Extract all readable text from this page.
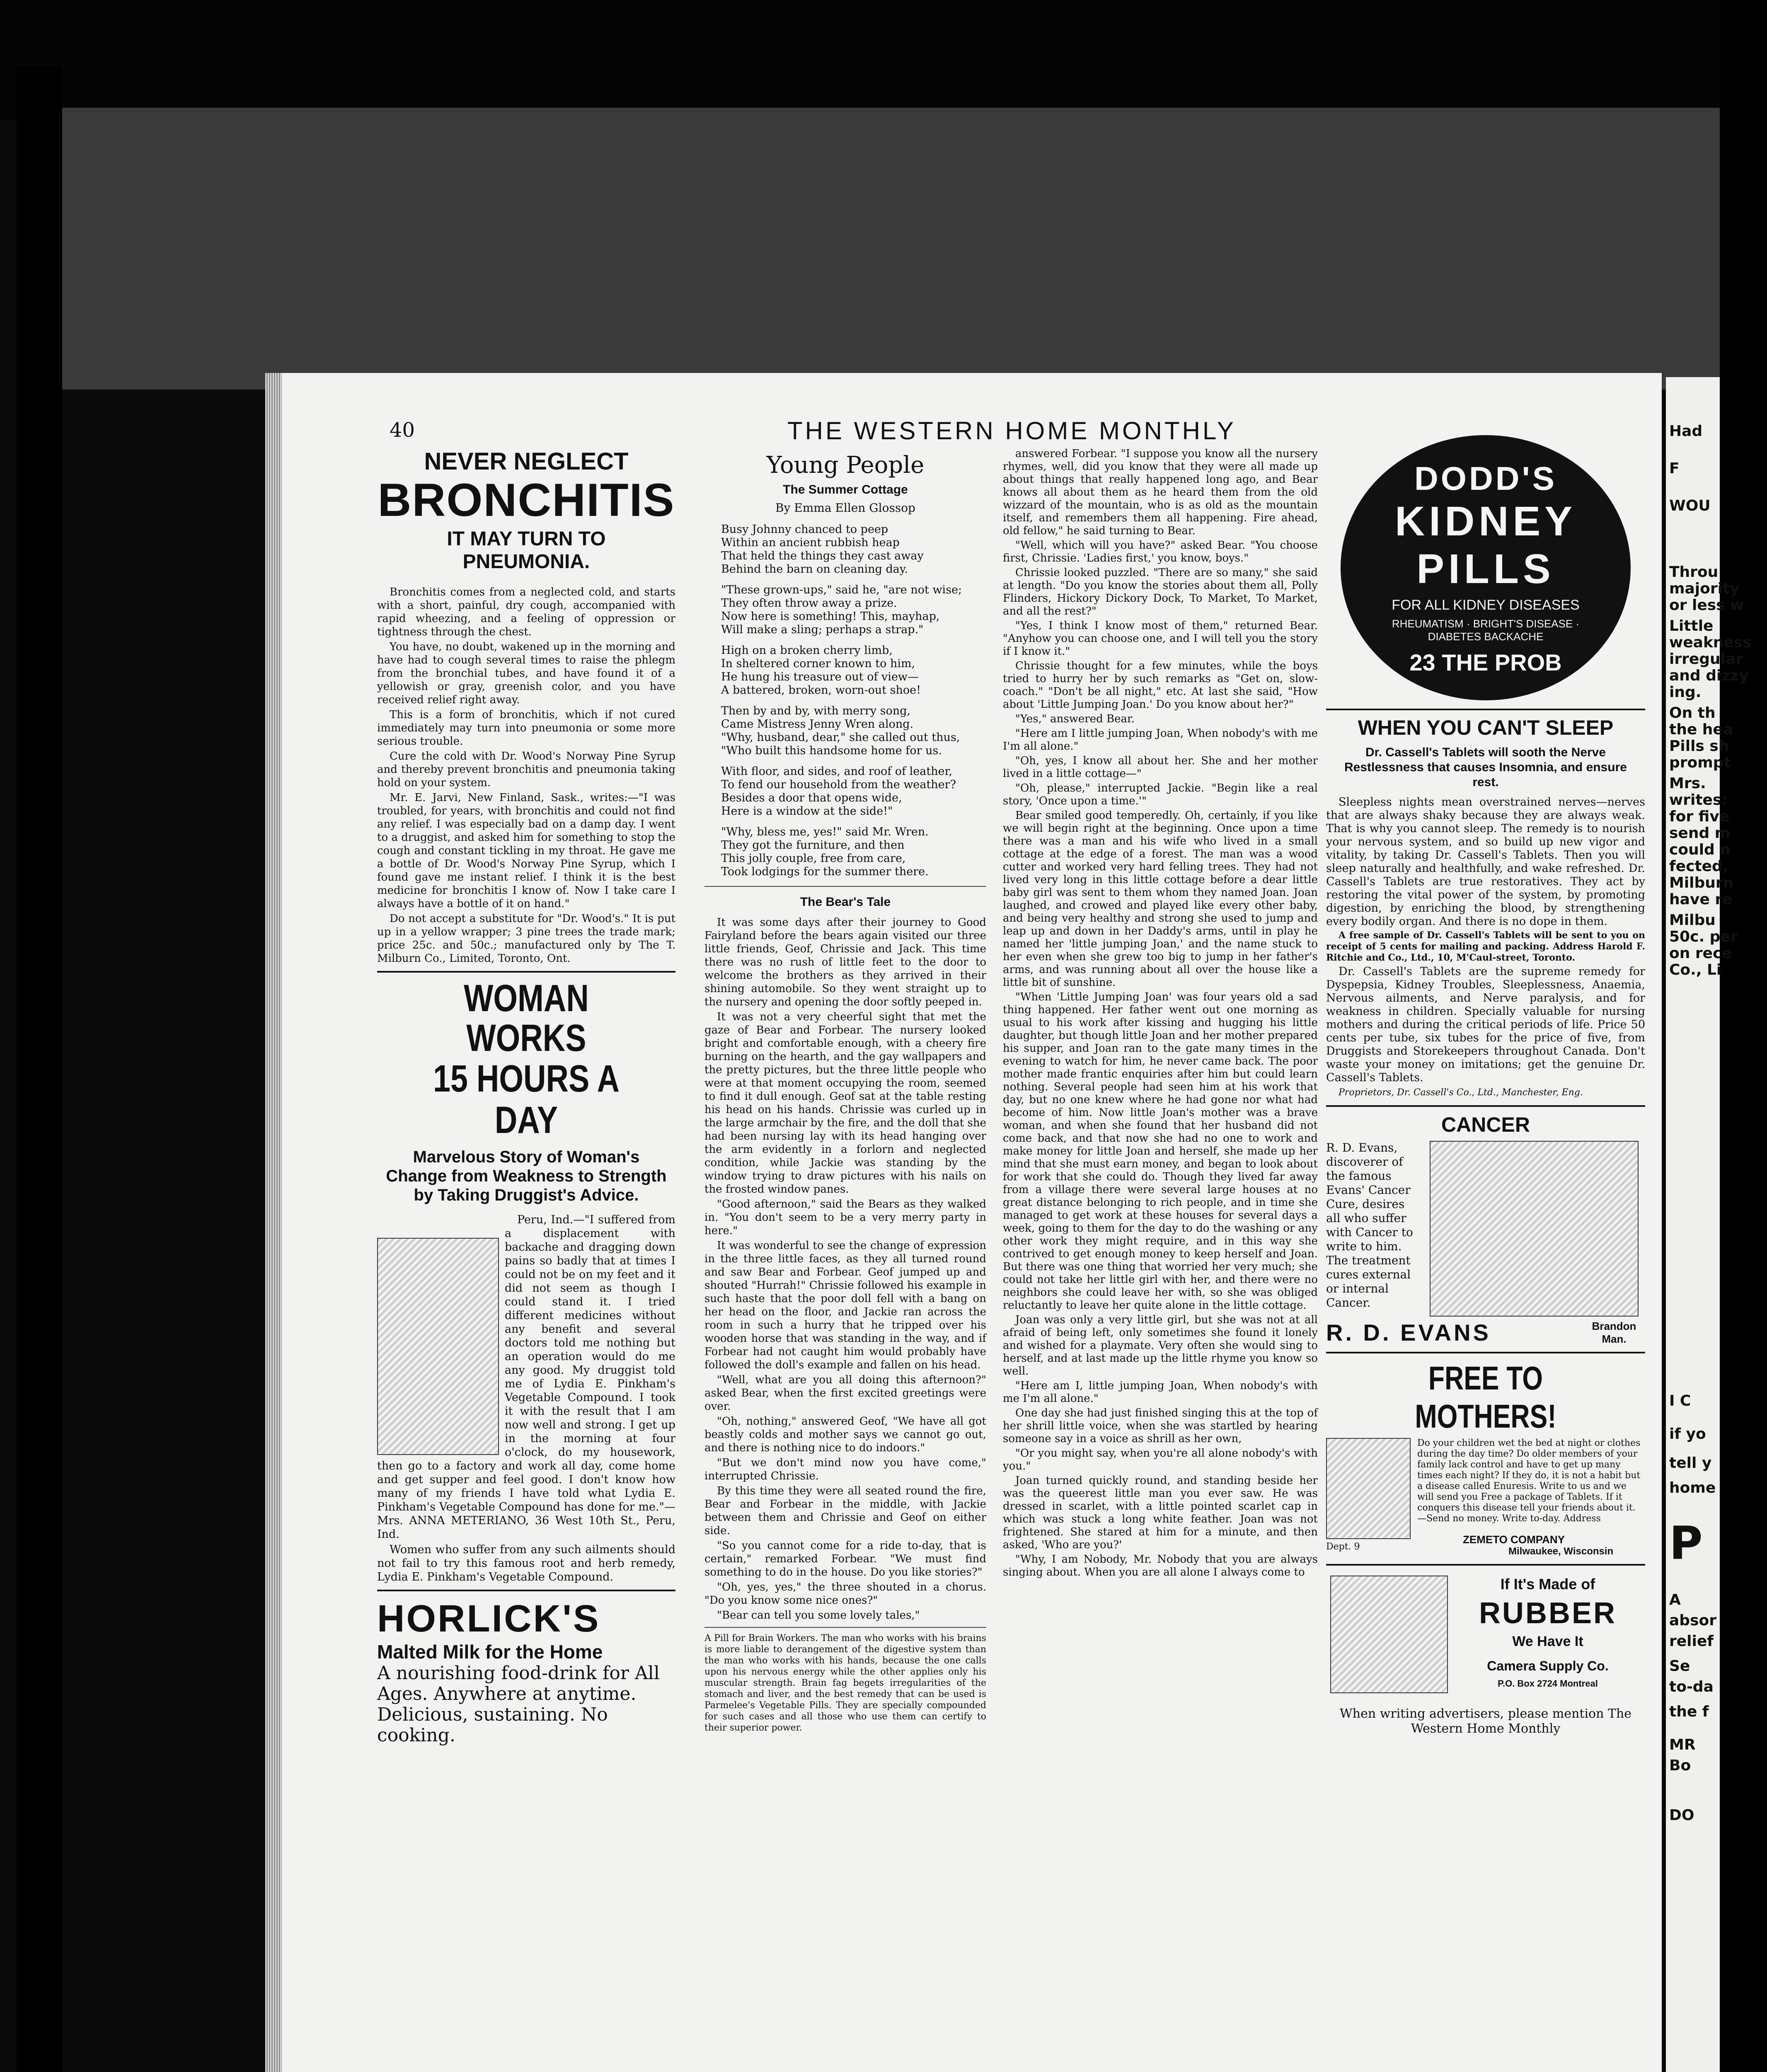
Had
F
WOU
Throu
majority
or less w
Little
weakness
irregular
and dizzy
ing.
On th
the hea
Pills sh
prompt
Mrs.
writes:
for five
send m
could n
fected,
Milburn
have re
Milbu
50c. per
on rece
Co., Li
I C
if yo
tell y
home
P
A
absor
relief
Se
to-da
the f
MR
Bo
DO
40	THE WESTERN HOME MONTHLY
NEVER NEGLECT
BRONCHITIS
IT MAY TURN TO PNEUMONIA.

Bronchitis comes from a neglected cold, and starts with a short, painful, dry cough, accompanied with rapid wheezing, and a feeling of oppression or tightness through the chest.

You have, no doubt, wakened up in the morning and have had to cough several times to raise the phlegm from the bronchial tubes, and have found it of a yellowish or gray, greenish color, and you have received relief right away.

This is a form of bronchitis, which if not cured immediately may turn into pneumonia or some more serious trouble.

Cure the cold with Dr. Wood's Norway Pine Syrup and thereby prevent bronchitis and pneumonia taking hold on your system.

Mr. E. Jarvi, New Finland, Sask., writes:—"I was troubled, for years, with bronchitis and could not find any relief. I was especially bad on a damp day. I went to a druggist, and asked him for something to stop the cough and constant tickling in my throat. He gave me a bottle of Dr. Wood's Norway Pine Syrup, which I found gave me instant relief. I think it is the best medicine for bronchitis I know of. Now I take care I always have a bottle of it on hand."

Do not accept a substitute for "Dr. Wood's." It is put up in a yellow wrapper; 3 pine trees the trade mark; price 25c. and 50c.; manufactured only by The T. Milburn Co., Limited, Toronto, Ont.

WOMAN WORKS
15 HOURS A DAY
Marvelous Story of Woman's Change from Weakness to Strength by Taking Druggist's Advice.

Peru, Ind.—"I suffered from a displacement with backache and dragging down pains so badly that at times I could not be on my feet and it did not seem as though I could stand it. I tried different medicines without any benefit and several doctors told me nothing but an operation would do me any good. My druggist told me of Lydia E. Pinkham's Vegetable Compound. I took it with the result that I am now well and strong. I get up in the morning at four o'clock, do my housework, then go to a factory and work all day, come home and get supper and feel good. I don't know how many of my friends I have told what Lydia E. Pinkham's Vegetable Compound has done for me."—Mrs. ANNA METERIANO, 36 West 10th St., Peru, Ind.

Women who suffer from any such ailments should not fail to try this famous root and herb remedy, Lydia E. Pinkham's Vegetable Compound.

HORLICK'S
Malted Milk for the Home
A nourishing food-drink for All Ages. Anywhere at anytime. Delicious, sustaining. No cooking.
Young People
The Summer Cottage
By Emma Ellen Glossop
Busy Johnny chanced to peep
Within an ancient rubbish heap
That held the things they cast away
Behind the barn on cleaning day.
"These grown-ups," said he, "are not wise;
They often throw away a prize.
Now here is something! This, mayhap,
Will make a sling; perhaps a strap."
High on a broken cherry limb,
In sheltered corner known to him,
He hung his treasure out of view—
A battered, broken, worn-out shoe!
Then by and by, with merry song,
Came Mistress Jenny Wren along.
"Why, husband, dear," she called out thus,
"Who built this handsome home for us.
With floor, and sides, and roof of leather,
To fend our household from the weather?
Besides a door that opens wide,
Here is a window at the side!"
"Why, bless me, yes!" said Mr. Wren.
They got the furniture, and then
This jolly couple, free from care,
Took lodgings for the summer there.
The Bear's Tale

It was some days after their journey to Good Fairyland before the bears again visited our three little friends, Geof, Chrissie and Jack. This time there was no rush of little feet to the door to welcome the brothers as they arrived in their shining automobile. So they went straight up to the nursery and opening the door softly peeped in.

It was not a very cheerful sight that met the gaze of Bear and Forbear. The nursery looked bright and comfortable enough, with a cheery fire burning on the hearth, and the gay wallpapers and the pretty pictures, but the three little people who were at that moment occupying the room, seemed to find it dull enough. Geof sat at the table resting his head on his hands. Chrissie was curled up in the large armchair by the fire, and the doll that she had been nursing lay with its head hanging over the arm evidently in a forlorn and neglected condition, while Jackie was standing by the window trying to draw pictures with his nails on the frosted window panes.

"Good afternoon," said the Bears as they walked in. "You don't seem to be a very merry party in here."

It was wonderful to see the change of expression in the three little faces, as they all turned round and saw Bear and Forbear. Geof jumped up and shouted "Hurrah!" Chrissie followed his example in such haste that the poor doll fell with a bang on her head on the floor, and Jackie ran across the room in such a hurry that he tripped over his wooden horse that was standing in the way, and if Forbear had not caught him would probably have followed the doll's example and fallen on his head.

"Well, what are you all doing this afternoon?" asked Bear, when the first excited greetings were over.

"Oh, nothing," answered Geof, "We have all got beastly colds and mother says we cannot go out, and there is nothing nice to do indoors."

"But we don't mind now you have come," interrupted Chrissie.

By this time they were all seated round the fire, Bear and Forbear in the middle, with Jackie between them and Chrissie and Geof on either side.

"So you cannot come for a ride to-day, that is certain," remarked Forbear. "We must find something to do in the house. Do you like stories?"

"Oh, yes, yes," the three shouted in a chorus. "Do you know some nice ones?"

"Bear can tell you some lovely tales,"

A Pill for Brain Workers. The man who works with his brains is more liable to derangement of the digestive system than the man who works with his hands, because the one calls upon his nervous energy while the other applies only his muscular strength. Brain fag begets irregularities of the stomach and liver, and the best remedy that can be used is Parmelee's Vegetable Pills. They are specially compounded for such cases and all those who use them can certify to their superior power.

answered Forbear. "I suppose you know all the nursery rhymes, well, did you know that they were all made up about things that really happened long ago, and Bear knows all about them as he heard them from the old wizzard of the mountain, who is as old as the mountain itself, and remembers them all happening. Fire ahead, old fellow," he said turning to Bear.

"Well, which will you have?" asked Bear. "You choose first, Chrissie. 'Ladies first,' you know, boys."

Chrissie looked puzzled. "There are so many," she said at length. "Do you know the stories about them all, Polly Flinders, Hickory Dickory Dock, To Market, To Market, and all the rest?"

"Yes, I think I know most of them," returned Bear. "Anyhow you can choose one, and I will tell you the story if I know it."

Chrissie thought for a few minutes, while the boys tried to hurry her by such remarks as "Get on, slow-coach." "Don't be all night," etc. At last she said, "How about 'Little Jumping Joan.' Do you know about her?"

"Yes," answered Bear.

"Here am I little jumping Joan, When nobody's with me I'm all alone."

"Oh, yes, I know all about her. She and her mother lived in a little cottage—"

"Oh, please," interrupted Jackie. "Begin like a real story, 'Once upon a time.'"

Bear smiled good temperedly. Oh, certainly, if you like we will begin right at the beginning. Once upon a time there was a man and his wife who lived in a small cottage at the edge of a forest. The man was a wood cutter and worked very hard felling trees. They had not lived very long in this little cottage before a dear little baby girl was sent to them whom they named Joan. Joan laughed, and crowed and played like every other baby, and being very healthy and strong she used to jump and leap up and down in her Daddy's arms, until in play he named her 'little jumping Joan,' and the name stuck to her even when she grew too big to jump in her father's arms, and was running about all over the house like a little bit of sunshine.

"When 'Little Jumping Joan' was four years old a sad thing happened. Her father went out one morning as usual to his work after kissing and hugging his little daughter, but though little Joan and her mother prepared his supper, and Joan ran to the gate many times in the evening to watch for him, he never came back. The poor mother made frantic enquiries after him but could learn nothing. Several people had seen him at his work that day, but no one knew where he had gone nor what had become of him. Now little Joan's mother was a brave woman, and when she found that her husband did not come back, and that now she had no one to work and make money for little Joan and herself, she made up her mind that she must earn money, and began to look about for work that she could do. Though they lived far away from a village there were several large houses at no great distance belonging to rich people, and in time she managed to get work at these houses for several days a week, going to them for the day to do the washing or any other work they might require, and in this way she contrived to get enough money to keep herself and Joan. But there was one thing that worried her very much; she could not take her little girl with her, and there were no neighbors she could leave her with, so she was obliged reluctantly to leave her quite alone in the little cottage.

Joan was only a very little girl, but she was not at all afraid of being left, only sometimes she found it lonely and wished for a playmate. Very often she would sing to herself, and at last made up the little rhyme you know so well.

"Here am I, little jumping Joan, When nobody's with me I'm all alone."

One day she had just finished singing this at the top of her shrill little voice, when she was startled by hearing someone say in a voice as shrill as her own,

"Or you might say, when you're all alone nobody's with you."

Joan turned quickly round, and standing beside her was the queerest little man you ever saw. He was dressed in scarlet, with a little pointed scarlet cap in which was stuck a long white feather. Joan was not frightened. She stared at him for a minute, and then asked, 'Who are you?'

"Why, I am Nobody, Mr. Nobody that you are always singing about. When you are all alone I always come to

DODD'S
KIDNEY
PILLS
FOR ALL KIDNEY DISEASES
RHEUMATISM · BRIGHT'S DISEASE · DIABETES BACKACHE
23 THE PROB
WHEN YOU CAN'T SLEEP
Dr. Cassell's Tablets will sooth the Nerve Restlessness that causes Insomnia, and ensure rest.

Sleepless nights mean overstrained nerves—nerves that are always shaky because they are always weak. That is why you cannot sleep. The remedy is to nourish your nervous system, and so build up new vigor and vitality, by taking Dr. Cassell's Tablets. Then you will sleep naturally and healthfully, and wake refreshed. Dr. Cassell's Tablets are true restoratives. They act by restoring the vital power of the system, by promoting digestion, by enriching the blood, by strengthening every bodily organ. And there is no dope in them.

A free sample of Dr. Cassell's Tablets will be sent to you on receipt of 5 cents for mailing and packing. Address Harold F. Ritchie and Co., Ltd., 10, M'Caul-street, Toronto.

Dr. Cassell's Tablets are the supreme remedy for Dyspepsia, Kidney Troubles, Sleeplessness, Anaemia, Nervous ailments, and Nerve paralysis, and for weakness in children. Specially valuable for nursing mothers and during the critical periods of life. Price 50 cents per tube, six tubes for the price of five, from Druggists and Storekeepers throughout Canada. Don't waste your money on imitations; get the genuine Dr. Cassell's Tablets.

Proprietors, Dr. Cassell's Co., Ltd., Manchester, Eng.

CANCER
R. D. Evans, discoverer of the famous Evans' Cancer Cure, desires all who suffer with Cancer to write to him. The treatment cures external or internal Cancer.
R. D. EVANS	Brandon Man.
FREE TO MOTHERS!
Do your children wet the bed at night or clothes during the day time? Do older members of your family lack control and have to get up many times each night? If they do, it is not a habit but a disease called Enuresis. Write to us and we will send you Free a package of Tablets. If it conquers this disease tell your friends about it.—Send no money. Write to-day. Address
Dept. 9
ZEMETO COMPANY
Milwaukee, Wisconsin
If It's Made of
RUBBER
We Have It
Camera Supply Co.
P.O. Box 2724 Montreal
When writing advertisers, please mention The Western Home Monthly
